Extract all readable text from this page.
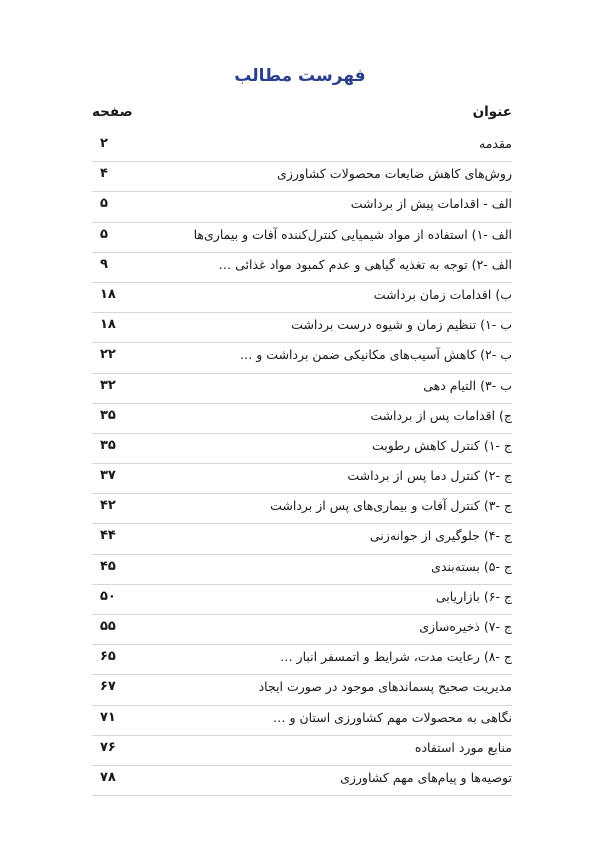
فهرست مطالب
عنوان
صفحه
مقدمه
۲
روش‌های کاهش ضایعات محصولات کشاورزی
۴
الف - اقدامات پیش از برداشت
۵
الف -۱) استفاده از مواد شیمیایی کنترل‌کننده آفات و بیماری‌ها
۵
الف -۲) توجه به تغذیه گیاهی و عدم کمبود مواد غذائی …
۹
ب) اقدامات زمان برداشت
۱۸
ب -۱) تنظیم زمان و شیوه درست برداشت
۱۸
ب -۲) کاهش آسیب‌های مکانیکی ضمن برداشت و …
۲۲
ب -۳) التیام دهی
۳۲
ج) اقدامات پس از برداشت
۳۵
ج -۱) کنترل کاهش رطوبت
۳۵
ج -۲) کنترل دما پس از برداشت
۳۷
ج -۳) کنترل آفات و بیماری‌های پس از برداشت
۴۲
ج -۴) جلوگیری از جوانه‌زنی
۴۴
ج -۵) بسته‌بندی
۴۵
ج -۶) بازاریابی
۵۰
ج -۷) ذخیره‌سازی
۵۵
ج -۸) رعایت مدت، شرایط و اتمسفر انبار …
۶۵
مدیریت صحیح پسماندهای موجود در صورت ایجاد
۶۷
نگاهی به محصولات مهم کشاورزی استان و …
۷۱
منابع مورد استفاده
۷۶
توصیه‌ها و پیام‌های مهم کشاورزی
۷۸
